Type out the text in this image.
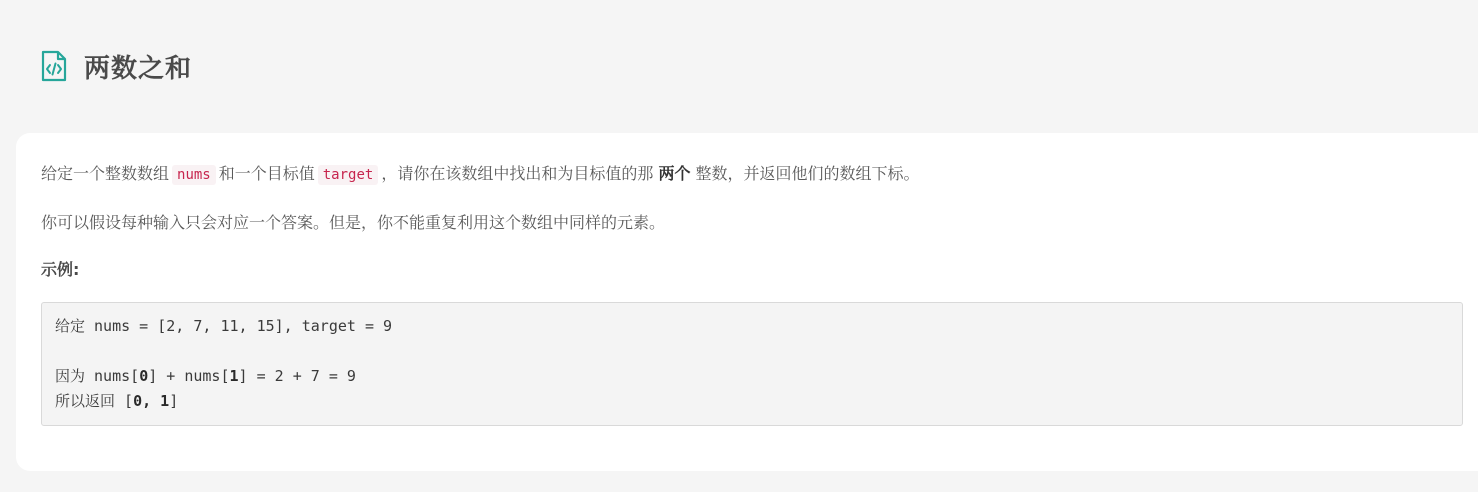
两数之和
给定一个整数数组 nums 和一个目标值 target ，请你在该数组中找出和为目标值的那 两个 整数，并返回他们的数组下标。
你可以假设每种输入只会对应一个答案。但是，你不能重复利用这个数组中同样的元素。
示例:
给定 nums = [2, 7, 11, 15], target = 9
因为 nums[0] + nums[1] = 2 + 7 = 9
所以返回 [0, 1]
